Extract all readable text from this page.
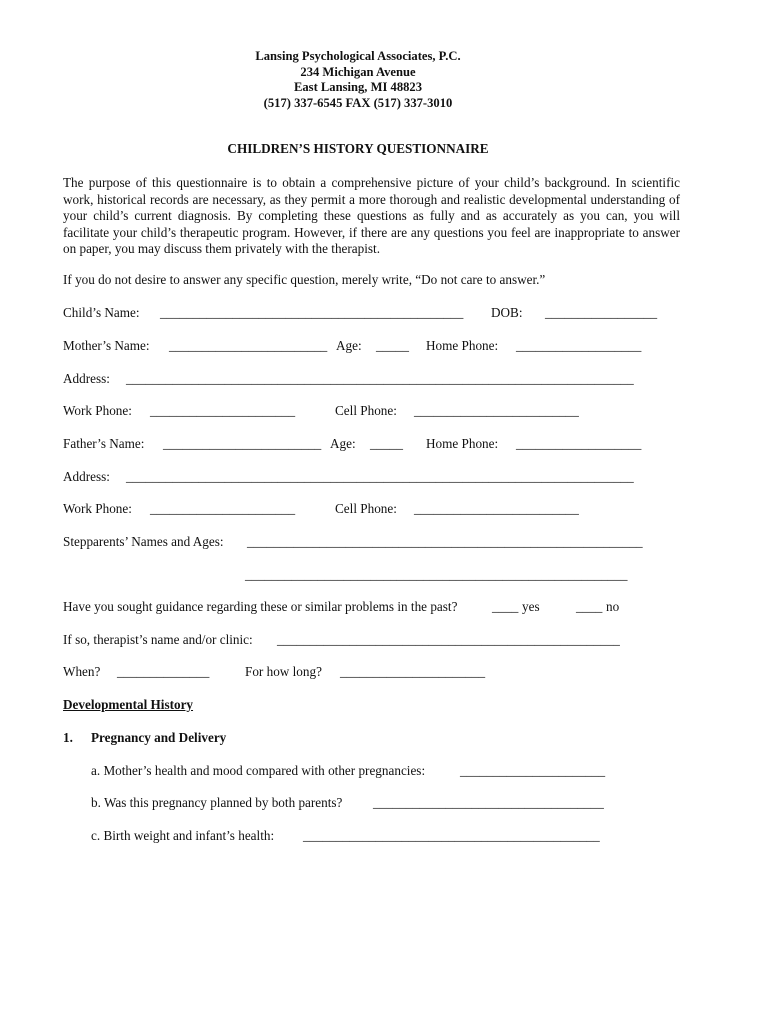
Lansing Psychological Associates, P.C.
234 Michigan Avenue
East Lansing, MI 48823
(517) 337-6545 FAX (517) 337-3010
CHILDREN’S HISTORY QUESTIONNAIRE

The purpose of this questionnaire is to obtain a comprehensive picture of your child’s background. In scientific work, historical records are necessary, as they permit a more thorough and realistic developmental understanding of your child’s current diagnosis. By completing these questions as fully and as accurately as you can, you will facilitate your child’s therapeutic program. However, if there are any questions you feel are inappropriate to answer on paper, you may discuss them privately with the therapist.

If you do not desire to answer any specific question, merely write, “Do not care to answer.”
Child’s Name: ______________________________________________ DOB: _________________
Mother’s Name: ________________________ Age: _____ Home Phone: ___________________
Address: _____________________________________________________________________________
Work Phone: ______________________	Cell Phone: _________________________
Father’s Name: ________________________ Age: _____ Home Phone: ___________________
Address: _____________________________________________________________________________
Work Phone: ______________________	Cell Phone: _________________________
Stepparents’ Names and Ages: ____________________________________________________________
__________________________________________________________
Have you sought guidance regarding these or similar problems in the past?	____ yes	____ no
If so, therapist’s name and/or clinic: ____________________________________________________
When? ______________	For how long? ______________________
Developmental History
1. Pregnancy and Delivery
a. Mother’s health and mood compared with other pregnancies:	______________________
b. Was this pregnancy planned by both parents? ___________________________________
c. Birth weight and infant’s health: _____________________________________________
